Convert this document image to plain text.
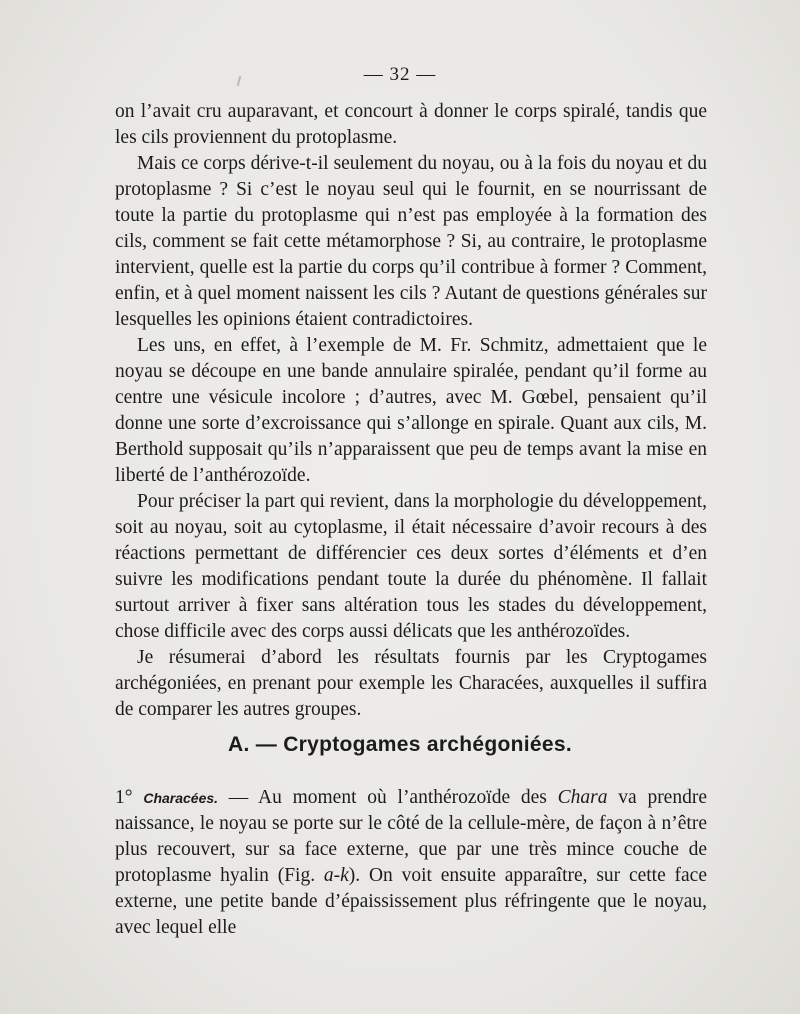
— 32 —

on l’avait cru auparavant, et concourt à donner le corps spiralé, tandis que les cils proviennent du protoplasme.

Mais ce corps dérive-t-il seulement du noyau, ou à la fois du noyau et du protoplasme ? Si c’est le noyau seul qui le fournit, en se nourrissant de toute la partie du protoplasme qui n’est pas employée à la formation des cils, comment se fait cette métamorphose ? Si, au contraire, le protoplasme intervient, quelle est la partie du corps qu’il contribue à former ? Comment, enfin, et à quel moment naissent les cils ? Autant de questions générales sur lesquelles les opinions étaient contradictoires.

Les uns, en effet, à l’exemple de M. Fr. Schmitz, admettaient que le noyau se découpe en une bande annulaire spiralée, pendant qu’il forme au centre une vésicule incolore ; d’autres, avec M. Gœbel, pensaient qu’il donne une sorte d’excroissance qui s’allonge en spirale. Quant aux cils, M. Berthold supposait qu’ils n’apparaissent que peu de temps avant la mise en liberté de l’anthérozoïde.

Pour préciser la part qui revient, dans la morphologie du développement, soit au noyau, soit au cytoplasme, il était nécessaire d’avoir recours à des réactions permettant de différencier ces deux sortes d’éléments et d’en suivre les modifications pendant toute la durée du phénomène. Il fallait surtout arriver à fixer sans altération tous les stades du développement, chose difficile avec des corps aussi délicats que les anthérozoïdes.

Je résumerai d’abord les résultats fournis par les Cryptogames archégoniées, en prenant pour exemple les Characées, auxquelles il suffira de comparer les autres groupes.

A. — Cryptogames archégoniées.

1° Characées. — Au moment où l’anthérozoïde des Chara va prendre naissance, le noyau se porte sur le côté de la cellule-mère, de façon à n’être plus recouvert, sur sa face externe, que par une très mince couche de protoplasme hyalin (Fig. a-k). On voit ensuite apparaître, sur cette face externe, une petite bande d’épaississement plus réfringente que le noyau, avec lequel elle
